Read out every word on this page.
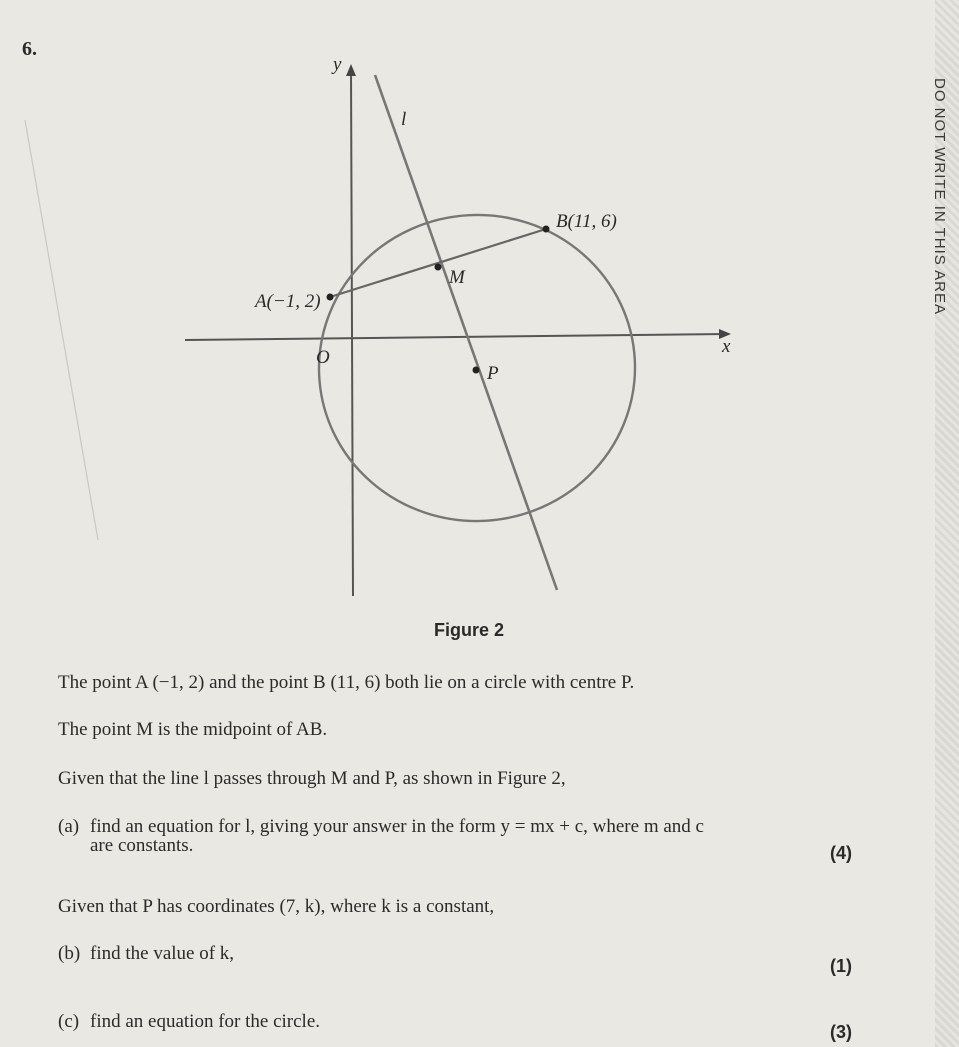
DO NOT WRITE IN THIS AREA
6.
y
x
O
l
A(−1, 2)
B(11, 6)
M
P
Figure 2
The point A (−1, 2) and the point B (11, 6) both lie on a circle with centre P.
The point M is the midpoint of AB.
Given that the line l passes through M and P, as shown in Figure 2,
(a) find an equation for l, giving your answer in the form y = mx + c, where m and c
are constants.	(4)
Given that P has coordinates (7, k), where k is a constant,
(b) find the value of k,
(1)
(c) find an equation for the circle.	(3)
